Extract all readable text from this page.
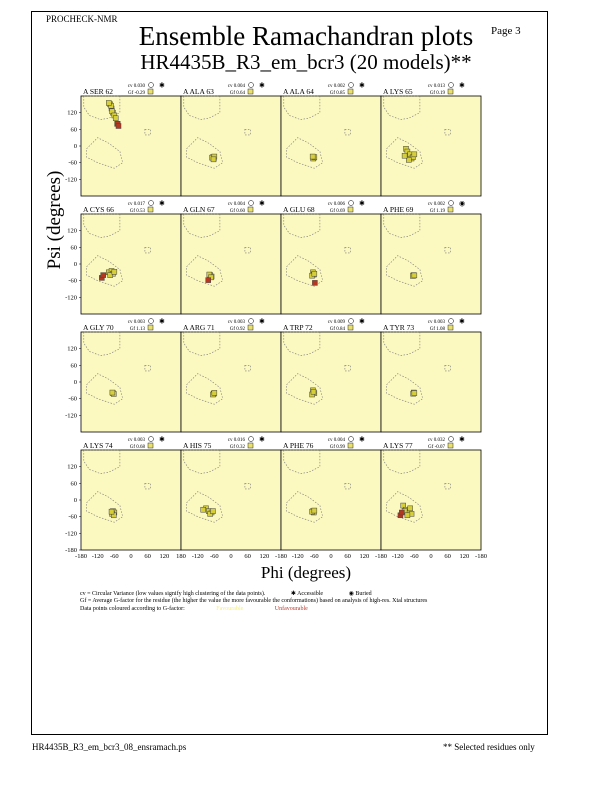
PROCHECK-NMR
Page 3
Ensemble Ramachandran plots
HR4435B_R3_em_bcr3 (20 models)**
Psi (degrees)
Phi (degrees)
A SER 62
cv 0.030
Gf -0.29
✱
120
60
0
-60
-120
A ALA 63
cv 0.004
Gf 0.64
✱
A ALA 64
cv 0.002
Gf 0.85
✱
A LYS 65
cv 0.013
Gf 0.19
✱
A CYS 66
cv 0.017
Gf 0.53
✱
120
60
0
-60
-120
A GLN 67
cv 0.004
Gf 0.60
✱
A GLU 68
cv 0.006
Gf 0.69
✱
A PHE 69
cv 0.002
Gf 1.19
◉
A GLY 70
cv 0.003
Gf 1.13
✱
120
60
0
-60
-120
A ARG 71
cv 0.003
Gf 0.92
✱
A TRP 72
cv 0.009
Gf 0.84
✱
A TYR 73
cv 0.003
Gf 1.08
✱
A LYS 74
cv 0.003
Gf 0.68
✱
120
60
0
-60
-120
-180
A HIS 75
cv 0.016
Gf 0.32
✱
A PHE 76
cv 0.004
Gf 0.99
✱
A LYS 77
cv 0.032
Gf -0.07
✱
-180 -120 -60 0 60 120 180 -120 -60 0 60 120 -180 -120 -60 0 60 120 -180 -120 -60 0 60 120 -180
cv = Circular Variance (low values signify high clustering of the data points).	✱ Accessible	◉ Buried
Gf = Average G-factor for the residue (the higher the value the more favourable the conformations) based on analysis of high-res. Xtal structures
Data points coloured according to G-factor:	Favourable	Unfavourable
HR4435B_R3_em_bcr3_08_ensramach.ps	** Selected residues only
